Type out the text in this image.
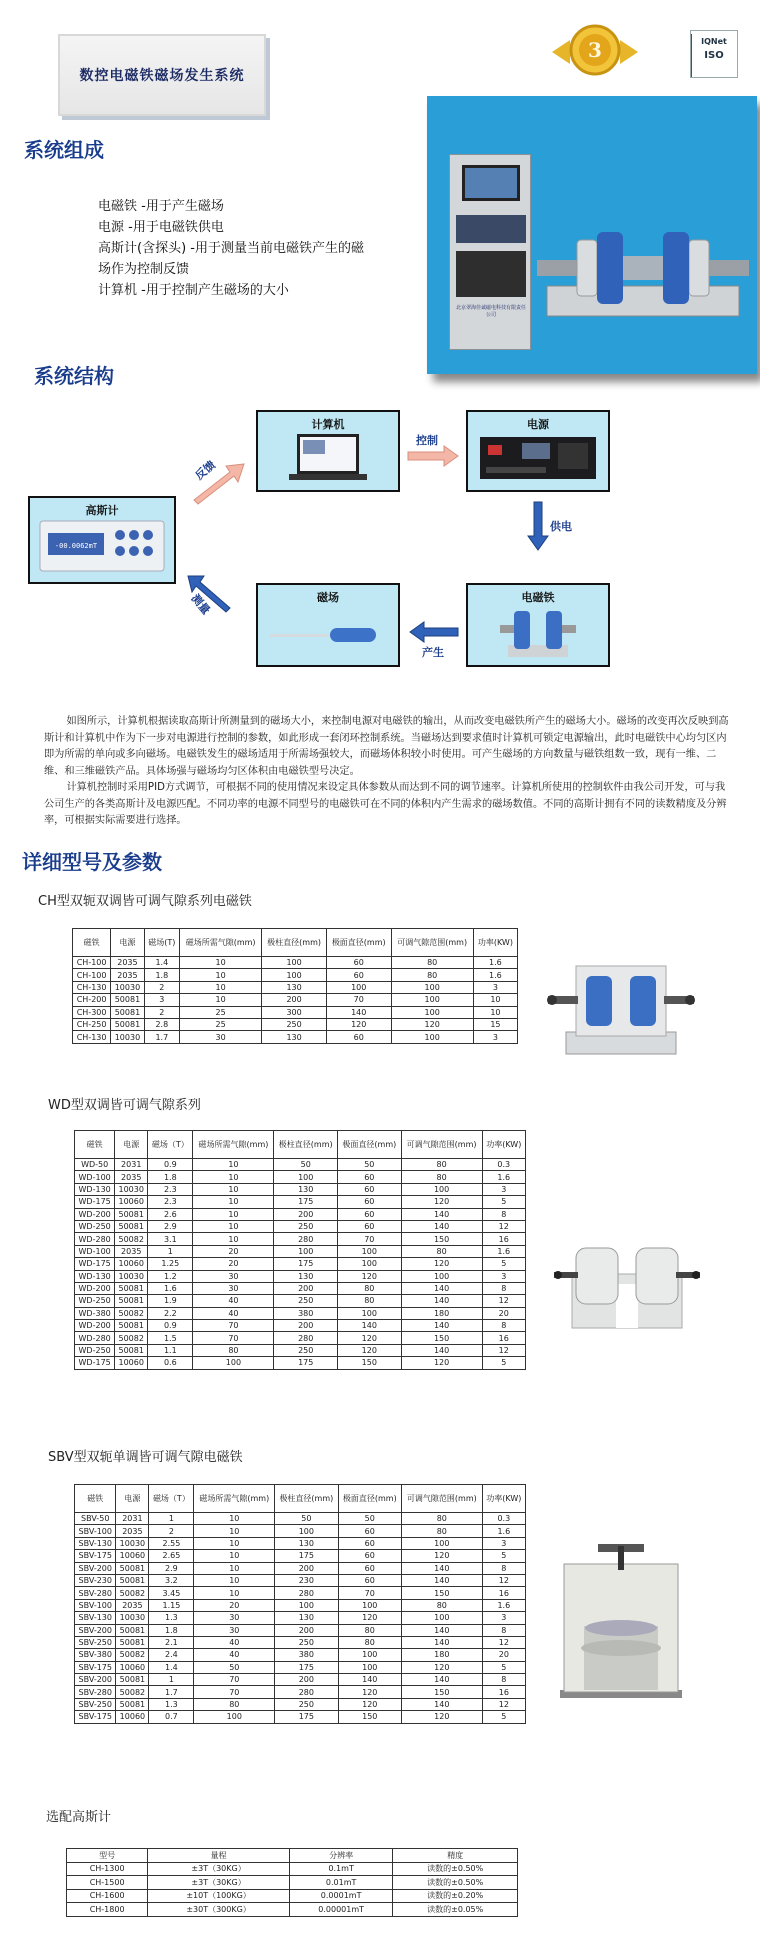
数控电磁铁磁场发生系统
3	IQNet
ISO
系统组成
电磁铁 -用于产生磁场
电源 -用于电磁铁供电
高斯计(含探头) -用于测量当前电磁铁产生的磁场作为控制反馈
计算机 -用于控制产生磁场的大小
北京翠海佳诚磁电科技有限责任公司
系统结构
计算机	电源
高斯计
-00.0062mT
磁场	电磁铁
反馈
控制
供电
产生
测量

如图所示，计算机根据读取高斯计所测量到的磁场大小，来控制电源对电磁铁的输出，从而改变电磁铁所产生的磁场大小。磁场的改变再次反映到高斯计和计算机中作为下一步对电源进行控制的参数，如此形成一套闭环控制系统。当磁场达到要求值时计算机可锁定电源输出，此时电磁铁中心均匀区内即为所需的单向或多向磁场。电磁铁发生的磁场适用于所需场强较大，而磁场体积较小时使用。可产生磁场的方向数量与磁铁组数一致，现有一维、二维、和三维磁铁产品。具体场强与磁场均匀区体积由电磁铁型号决定。

计算机控制时采用PID方式调节，可根据不同的使用情况来设定具体参数从而达到不同的调节速率。计算机所使用的控制软件由我公司开发，可与我公司生产的各类高斯计及电源匹配。不同功率的电源不同型号的电磁铁可在不同的体积内产生需求的磁场数值。不同的高斯计拥有不同的读数精度及分辨率，可根据实际需要进行选择。

详细型号及参数
CH型双轭双调皆可调气隙系列电磁铁
磁铁	电源	磁场(T)	磁场所需气隙(mm)	极柱直径(mm)	极面直径(mm)	可调气隙范围(mm)	功率(KW)
CH-100	2035	1.4	10	100	60	80	1.6
CH-100	2035	1.8	10	100	60	80	1.6
CH-130	10030	2	10	130	100	100	3
CH-200	50081	3	10	200	70	100	10
CH-300	50081	2	25	300	140	100	10
CH-250	50081	2.8	25	250	120	120	15
CH-130	10030	1.7	30	130	60	100	3
WD型双调皆可调气隙系列
磁铁	电源	磁场（T）	磁场所需气隙(mm)	极柱直径(mm)	极面直径(mm)	可调气隙范围(mm)	功率(KW)
WD-50	2031	0.9	10	50	50	80	0.3
WD-100	2035	1.8	10	100	60	80	1.6
WD-130	10030	2.3	10	130	60	100	3
WD-175	10060	2.3	10	175	60	120	5
WD-200	50081	2.6	10	200	60	140	8
WD-250	50081	2.9	10	250	60	140	12
WD-280	50082	3.1	10	280	70	150	16
WD-100	2035	1	20	100	100	80	1.6
WD-175	10060	1.25	20	175	100	120	5
WD-130	10030	1.2	30	130	120	100	3
WD-200	50081	1.6	30	200	80	140	8
WD-250	50081	1.9	40	250	80	140	12
WD-380	50082	2.2	40	380	100	180	20
WD-200	50081	0.9	70	200	140	140	8
WD-280	50082	1.5	70	280	120	150	16
WD-250	50081	1.1	80	250	120	140	12
WD-175	10060	0.6	100	175	150	120	5
SBV型双轭单调皆可调气隙电磁铁
磁铁	电源	磁场（T）	磁场所需气隙(mm)	极柱直径(mm)	极面直径(mm)	可调气隙范围(mm)	功率(KW)
SBV-50	2031	1	10	50	50	80	0.3
SBV-100	2035	2	10	100	60	80	1.6
SBV-130	10030	2.55	10	130	60	100	3
SBV-175	10060	2.65	10	175	60	120	5
SBV-200	50081	2.9	10	200	60	140	8
SBV-230	50081	3.2	10	230	60	140	12
SBV-280	50082	3.45	10	280	70	150	16
SBV-100	2035	1.15	20	100	100	80	1.6
SBV-130	10030	1.3	30	130	120	100	3
SBV-200	50081	1.8	30	200	80	140	8
SBV-250	50081	2.1	40	250	80	140	12
SBV-380	50082	2.4	40	380	100	180	20
SBV-175	10060	1.4	50	175	100	120	5
SBV-200	50081	1	70	200	140	140	8
SBV-280	50082	1.7	70	280	120	150	16
SBV-250	50081	1.3	80	250	120	140	12
SBV-175	10060	0.7	100	175	150	120	5
选配高斯计
型号	量程	分辨率	精度
CH-1300	±3T（30KG）	0.1mT	读数的±0.50%
CH-1500	±3T（30KG）	0.01mT	读数的±0.50%
CH-1600	±10T（100KG）	0.0001mT	读数的±0.20%
CH-1800	±30T（300KG）	0.00001mT	读数的±0.05%
